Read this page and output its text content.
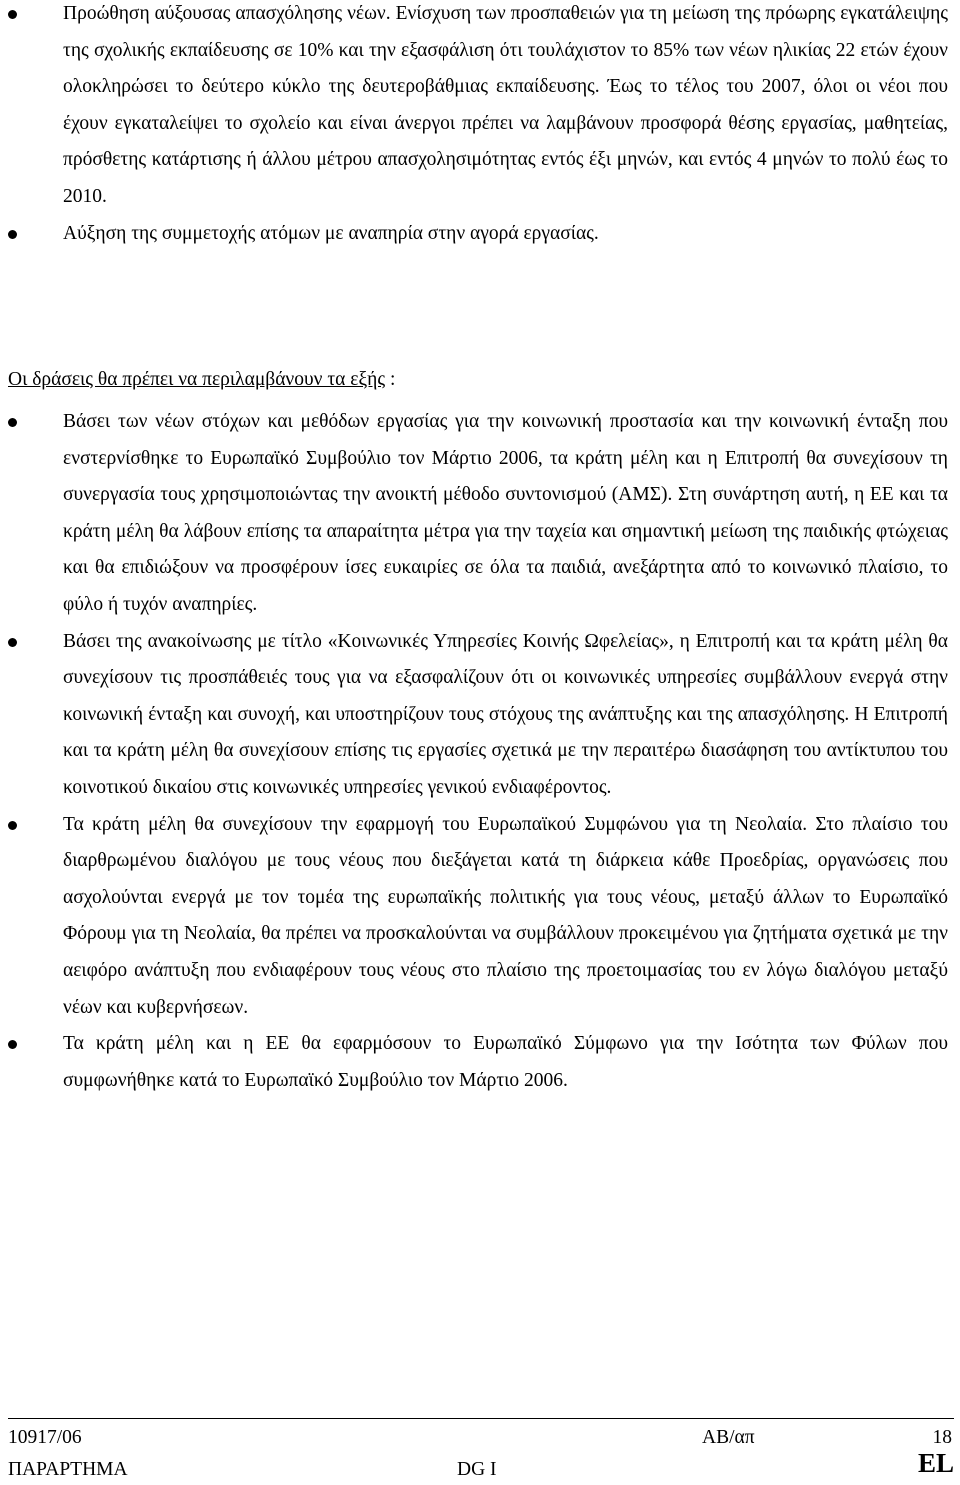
Προώθηση αύξουσας απασχόλησης νέων. Ενίσχυση των προσπαθειών για τη μείωση της πρόωρης εγκατάλειψης της σχολικής εκπαίδευσης σε 10% και την εξασφάλιση ότι τουλάχιστον το 85% των νέων ηλικίας 22 ετών έχουν ολοκληρώσει το δεύτερο κύκλο της δευτεροβάθμιας εκπαίδευσης. Έως το τέλος του 2007, όλοι οι νέοι που έχουν εγκαταλείψει το σχολείο και είναι άνεργοι πρέπει να λαμβάνουν προσφορά θέσης εργασίας, μαθητείας, πρόσθετης κατάρτισης ή άλλου μέτρου απασχολησιμότητας εντός έξι μηνών, και εντός 4 μηνών το πολύ έως το 2010.
Αύξηση της συμμετοχής ατόμων με αναπηρία στην αγορά εργασίας.

Οι δράσεις θα πρέπει να περιλαμβάνουν τα εξής :

Βάσει των νέων στόχων και μεθόδων εργασίας για την κοινωνική προστασία και την κοινωνική ένταξη που ενστερνίσθηκε το Ευρωπαϊκό Συμβούλιο τον Μάρτιο 2006, τα κράτη μέλη και η Επιτροπή θα συνεχίσουν τη συνεργασία τους χρησιμοποιώντας την ανοικτή μέθοδο συντονισμού (ΑΜΣ). Στη συνάρτηση αυτή, η ΕΕ και τα κράτη μέλη θα λάβουν επίσης τα απαραίτητα μέτρα για την ταχεία και σημαντική μείωση της παιδικής φτώχειας και θα επιδιώξουν να προσφέρουν ίσες ευκαιρίες σε όλα τα παιδιά, ανεξάρτητα από το κοινωνικό πλαίσιο, το φύλο ή τυχόν αναπηρίες.
Βάσει της ανακοίνωσης με τίτλο «Κοινωνικές Υπηρεσίες Κοινής Ωφελείας», η Επιτροπή και τα κράτη μέλη θα συνεχίσουν τις προσπάθειές τους για να εξασφαλίζουν ότι οι κοινωνικές υπηρεσίες συμβάλλουν ενεργά στην κοινωνική ένταξη και συνοχή, και υποστηρίζουν τους στόχους της ανάπτυξης και της απασχόλησης. Η Επιτροπή και τα κράτη μέλη θα συνεχίσουν επίσης τις εργασίες σχετικά με την περαιτέρω διασάφηση του αντίκτυπου του κοινοτικού δικαίου στις κοινωνικές υπηρεσίες γενικού ενδιαφέροντος.
Τα κράτη μέλη θα συνεχίσουν την εφαρμογή του Ευρωπαϊκού Συμφώνου για τη Νεολαία. Στο πλαίσιο του διαρθρωμένου διαλόγου με τους νέους που διεξάγεται κατά τη διάρκεια κάθε Προεδρίας, οργανώσεις που ασχολούνται ενεργά με τον τομέα της ευρωπαϊκής πολιτικής για τους νέους, μεταξύ άλλων το Ευρωπαϊκό Φόρουμ για τη Νεολαία, θα πρέπει να προσκαλούνται να συμβάλλουν προκειμένου για ζητήματα σχετικά με την αειφόρο ανάπτυξη που ενδιαφέρουν τους νέους στο πλαίσιο της προετοιμασίας του εν λόγω διαλόγου μεταξύ νέων και κυβερνήσεων.
Τα κράτη μέλη και η ΕΕ θα εφαρμόσουν το Ευρωπαϊκό Σύμφωνο για την Ισότητα των Φύλων που συμφωνήθηκε κατά το Ευρωπαϊκό Συμβούλιο τον Μάρτιο 2006.
10917/06	ΑΒ/απ	18
ΠΑΡΑΡΤΗΜΑ	DG I	EL
